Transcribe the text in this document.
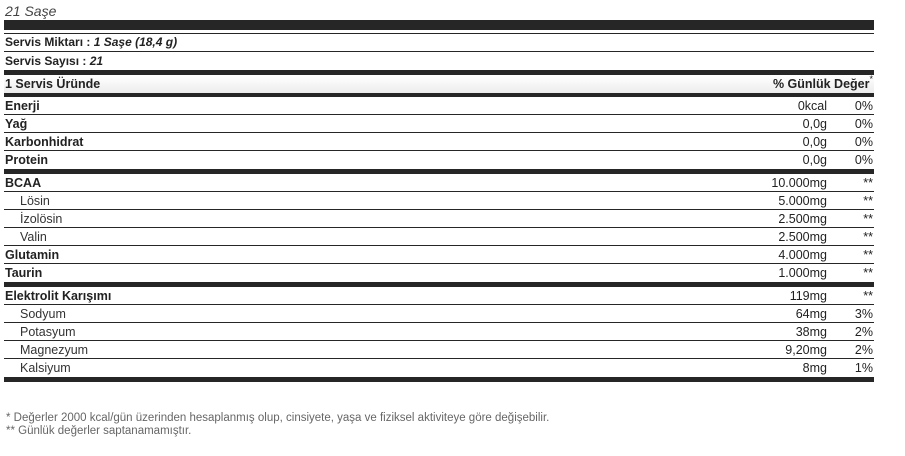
21 Saşe
Servis Miktarı : 1 Saşe (18,4 g)
Servis Sayısı : 21
1 Servis Üründe	% Günlük Değer*
Enerji	0kcal 0%
Yağ	0,0g 0%
Karbonhidrat	0,0g 0%
Protein	0,0g 0%
BCAA	10.000mg	**
Lösin	5.000mg	**
İzolösin	2.500mg	**
Valin	2.500mg	**
Glutamin	4.000mg	**
Taurin	1.000mg	**
Elektrolit Karışımı	119mg	**
Sodyum	64mg 3%
Potasyum	38mg 2%
Magnezyum	9,20mg 2%
Kalsiyum	8mg 1%
* Değerler 2000 kcal/gün üzerinden hesaplanmış olup, cinsiyete, yaşa ve fiziksel aktiviteye göre değişebilir.
** Günlük değerler saptanamamıştır.
